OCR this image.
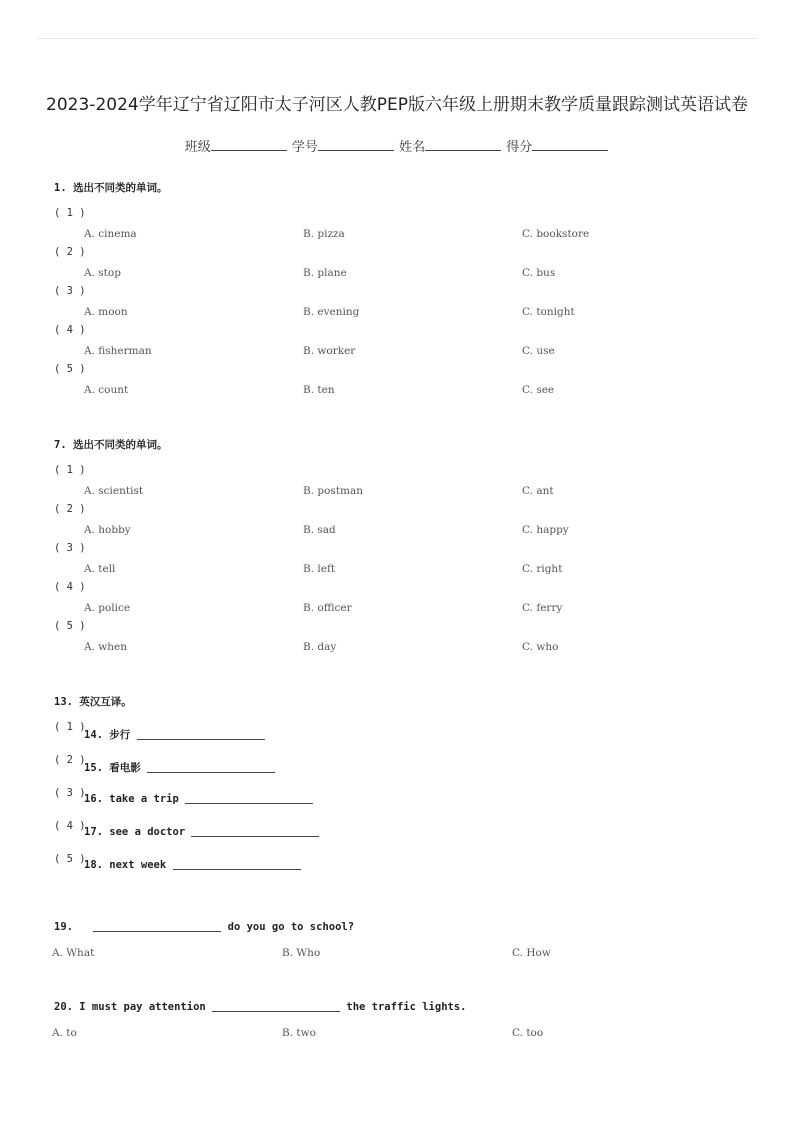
2023-2024学年辽宁省辽阳市太子河区人教PEP版六年级上册期末教学质量跟踪测试英语试卷
班级	学号	姓名	得分
1. 选出不同类的单词。
( 1 )
A. cinema	B. pizza	C. bookstore
( 2 )
A. stop	B. plane	C. bus
( 3 )
A. moon	B. evening	C. tonight
( 4 )
A. fisherman	B. worker	C. use
( 5 )
A. count	B. ten	C. see
7. 选出不同类的单词。
( 1 )
A. scientist	B. postman	C. ant
( 2 )
A. hobby	B. sad	C. happy
( 3 )
A. tell	B. left	C. right
( 4 )
A. police	B. officer	C. ferry
( 5 )
A. when	B. day	C. who
13. 英汉互译。
( 1 )
14. 步行
( 2 )
15. 看电影
( 3 )
16. take a trip
( 4 )
17. see a doctor
( 5 )
18. next week
19.	do you go to school?
A. What	B. Who	C. How
20. I must pay attention	the traffic lights.
A. to	B. two	C. too
